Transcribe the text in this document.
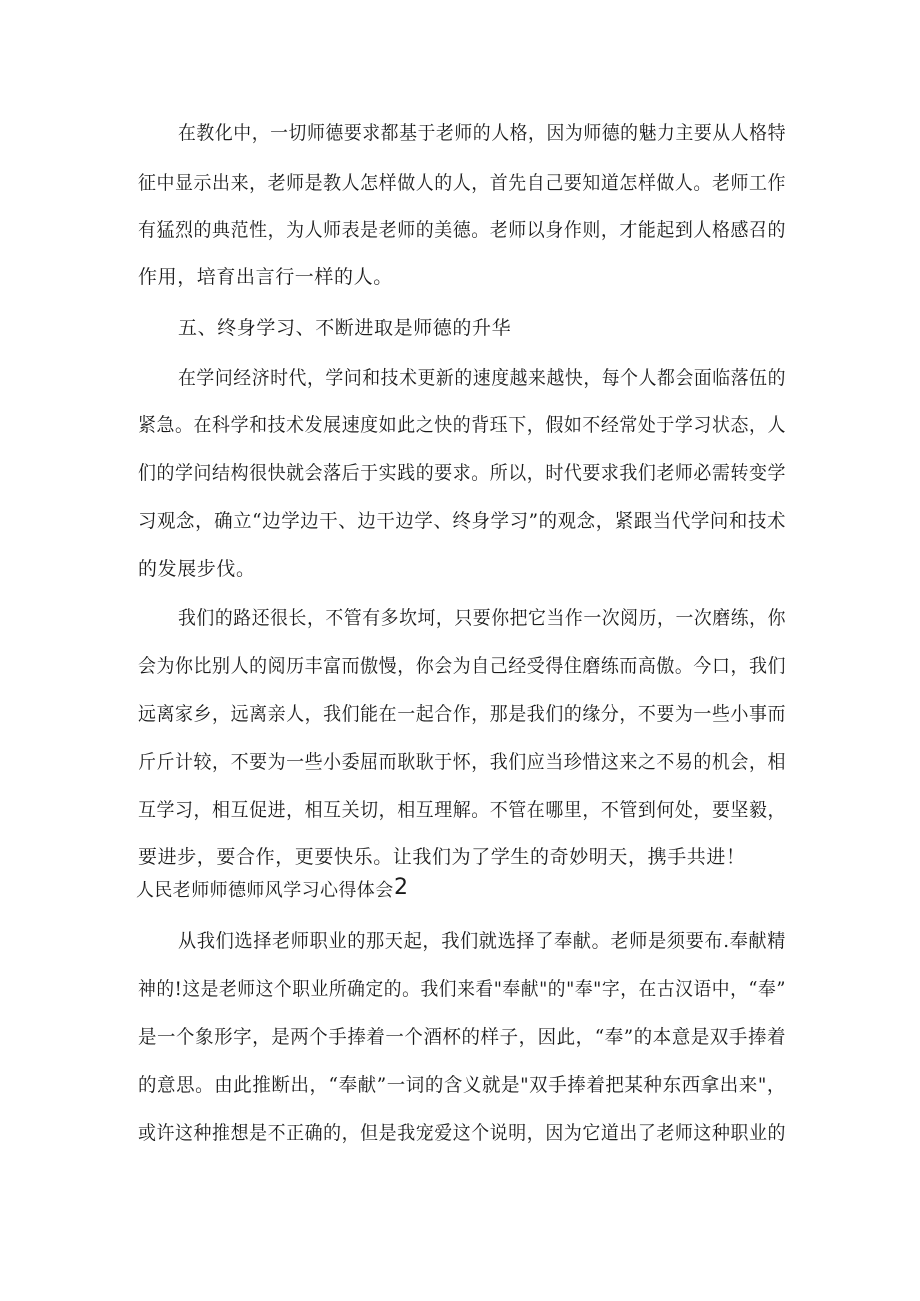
在教化中，一切师德要求都基于老师的人格，因为师德的魅力主要从人格特
征中显示出来，老师是教人怎样做人的人，首先自己要知道怎样做人。老师工作
有猛烈的典范性，为人师表是老师的美德。老师以身作则，才能起到人格感召的
作用，培育出言行一样的人。
五、终身学习、不断进取是师德的升华
在学问经济时代，学问和技术更新的速度越来越快，每个人都会面临落伍的
紧急。在科学和技术发展速度如此之快的背珏下，假如不经常处于学习状态，人
们的学问结构很快就会落后于实践的要求。所以，时代要求我们老师必需转变学
习观念，确立“边学边干、边干边学、终身学习”的观念，紧跟当代学问和技术
的发展步伐。
我们的路还很长，不管有多坎坷，只要你把它当作一次阅历，一次磨练，你
会为你比别人的阅历丰富而傲慢，你会为自己经受得住磨练而高傲。今口，我们
远离家乡，远离亲人，我们能在一起合作，那是我们的缘分，不要为一些小事而
斤斤计较，不要为一些小委屈而耿耿于怀，我们应当珍惜这来之不易的机会，相
互学习，相互促进，相互关切，相互理解。不管在哪里，不管到何处，要坚毅，
要进步，要合作，更要快乐。让我们为了学生的奇妙明天，携手共进！
人民老师师德师风学习心得体会 2
从我们选择老师职业的那天起，我们就选择了奉献。老师是须要布.奉献精
神的!这是老师这个职业所确定的。我们来看"奉献"的"奉"字，在古汉语中，“奉”
是一个象形字，是两个手捧着一个酒杯的样子，因此，“奉”的本意是双手捧着
的意思。由此推断出，“奉献”一词的含义就是"双手捧着把某种东西拿出来"，
或许这种推想是不正确的，但是我宠爱这个说明，因为它道出了老师这种职业的
